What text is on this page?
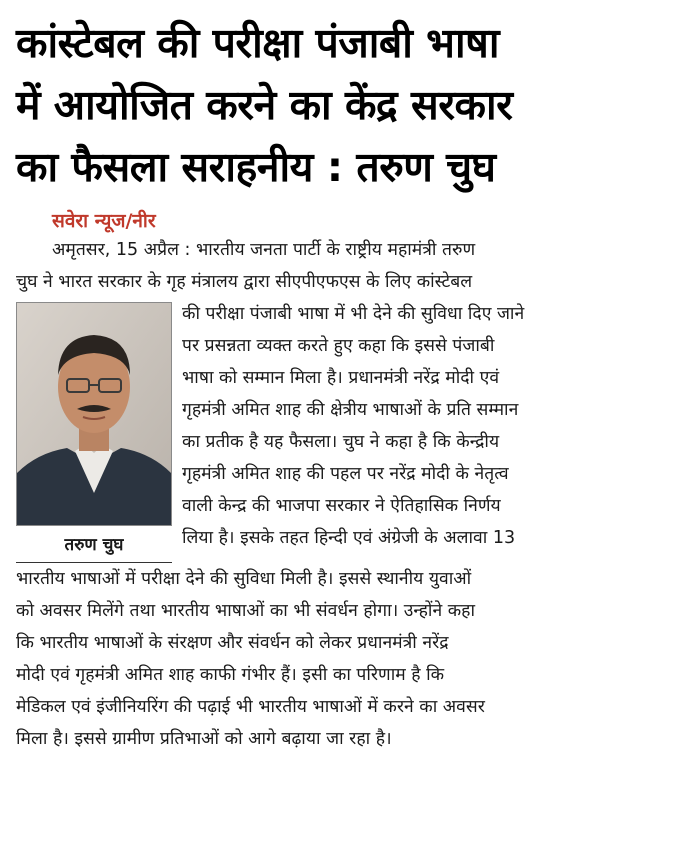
कांस्टेबल की परीक्षा पंजाबी भाषा
में आयोजित करने का केंद्र सरकार
का फैसला सराहनीय : तरुण चुघ
सवेरा न्यूज/नीर
अमृतसर, 15 अप्रैल : भारतीय जनता पार्टी के राष्ट्रीय महामंत्री तरुण
चुघ ने भारत सरकार के गृह मंत्रालय द्वारा सीएपीएफएस के लिए कांस्टेबल
तरुण चुघ
की परीक्षा पंजाबी भाषा में भी देने की सुविधा दिए जाने
पर प्रसन्नता व्यक्त करते हुए कहा कि इससे पंजाबी
भाषा को सम्मान मिला है। प्रधानमंत्री नरेंद्र मोदी एवं
गृहमंत्री अमित शाह की क्षेत्रीय भाषाओं के प्रति सम्मान
का प्रतीक है यह फैसला। चुघ ने कहा है कि केन्द्रीय
गृहमंत्री अमित शाह की पहल पर नरेंद्र मोदी के नेतृत्व
वाली केन्द्र की भाजपा सरकार ने ऐतिहासिक निर्णय
लिया है। इसके तहत हिन्दी एवं अंग्रेजी के अलावा 13
भारतीय भाषाओं में परीक्षा देने की सुविधा मिली है। इससे स्थानीय युवाओं
को अवसर मिलेंगे तथा भारतीय भाषाओं का भी संवर्धन होगा। उन्होंने कहा
कि भारतीय भाषाओं के संरक्षण और संवर्धन को लेकर प्रधानमंत्री नरेंद्र
मोदी एवं गृहमंत्री अमित शाह काफी गंभीर हैं। इसी का परिणाम है कि
मेडिकल एवं इंजीनियरिंग की पढ़ाई भी भारतीय भाषाओं में करने का अवसर
मिला है। इससे ग्रामीण प्रतिभाओं को आगे बढ़ाया जा रहा है।
